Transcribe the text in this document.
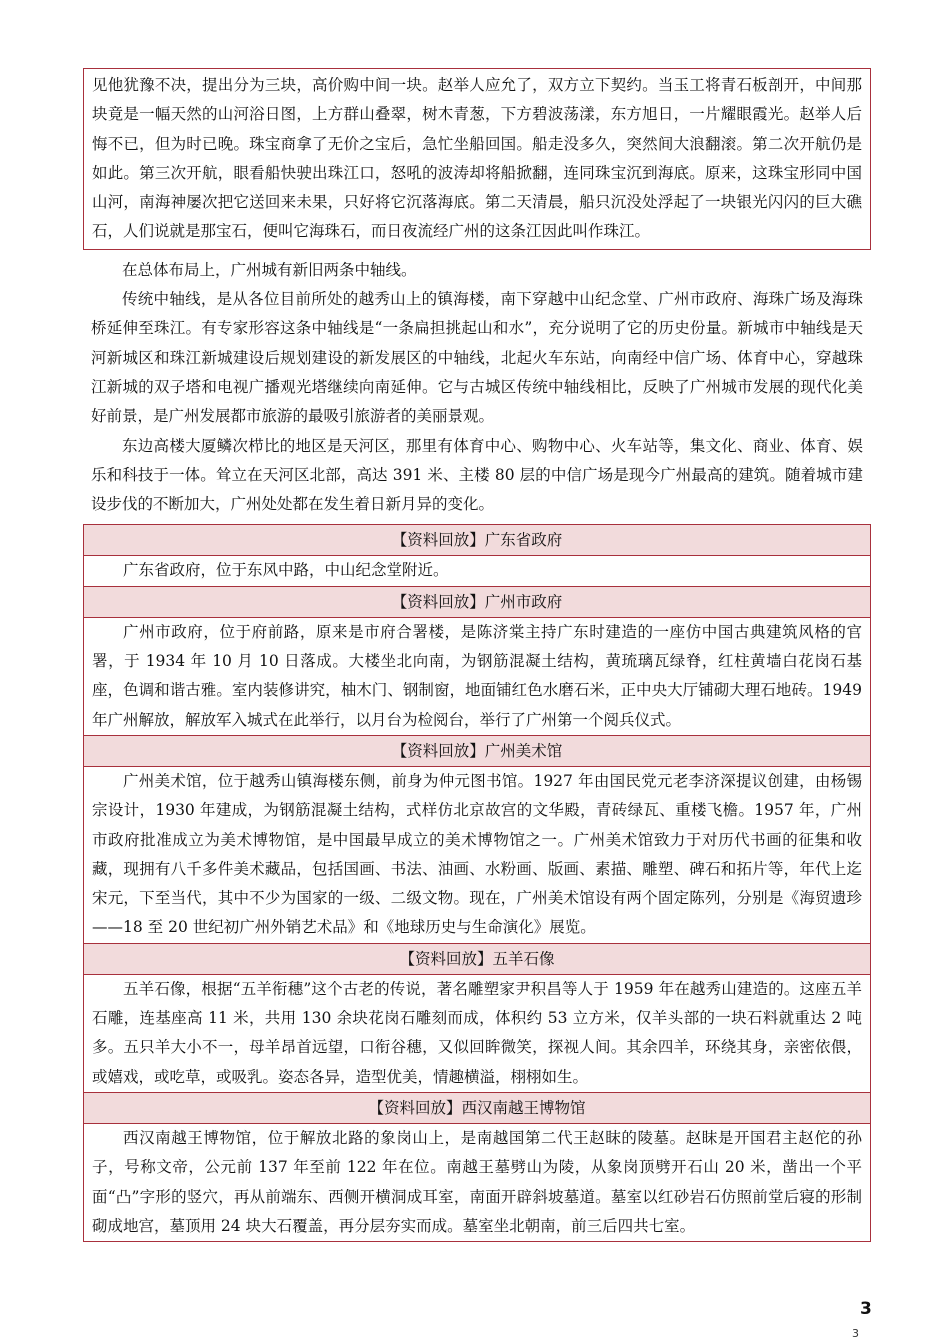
见他犹豫不决，提出分为三块，高价购中间一块。赵举人应允了，双方立下契约。当玉工将青石板剖开，中间那块竟是一幅天然的山河浴日图，上方群山叠翠，树木青葱，下方碧波荡漾，东方旭日，一片耀眼霞光。赵举人后悔不已，但为时已晚。珠宝商拿了无价之宝后，急忙坐船回国。船走没多久，突然间大浪翻滚。第二次开航仍是如此。第三次开航，眼看船快驶出珠江口，怒吼的波涛却将船掀翻，连同珠宝沉到海底。原来，这珠宝形同中国山河，南海神屡次把它送回来未果，只好将它沉落海底。第二天清晨，船只沉没处浮起了一块银光闪闪的巨大礁石，人们说就是那宝石，便叫它海珠石，而日夜流经广州的这条江因此叫作珠江。

在总体布局上，广州城有新旧两条中轴线。

传统中轴线，是从各位目前所处的越秀山上的镇海楼，南下穿越中山纪念堂、广州市政府、海珠广场及海珠桥延伸至珠江。有专家形容这条中轴线是“一条扁担挑起山和水”，充分说明了它的历史份量。新城市中轴线是天河新城区和珠江新城建设后规划建设的新发展区的中轴线，北起火车东站，向南经中信广场、体育中心，穿越珠江新城的双子塔和电视广播观光塔继续向南延伸。它与古城区传统中轴线相比，反映了广州城市发展的现代化美好前景，是广州发展都市旅游的最吸引旅游者的美丽景观。

东边高楼大厦鳞次栉比的地区是天河区，那里有体育中心、购物中心、火车站等，集文化、商业、体育、娱乐和科技于一体。耸立在天河区北部，高达 391 米、主楼 80 层的中信广场是现今广州最高的建筑。随着城市建设步伐的不断加大，广州处处都在发生着日新月异的变化。

【资料回放】广东省政府

广东省政府，位于东风中路，中山纪念堂附近。

【资料回放】广州市政府

广州市政府，位于府前路，原来是市府合署楼，是陈济棠主持广东时建造的一座仿中国古典建筑风格的官署，于 1934 年 10 月 10 日落成。大楼坐北向南，为钢筋混凝土结构，黄琉璃瓦绿脊，红柱黄墙白花岗石基座，色调和谐古雅。室内装修讲究，柚木门、钢制窗，地面铺红色水磨石米，正中央大厅铺砌大理石地砖。1949 年广州解放，解放军入城式在此举行，以月台为检阅台，举行了广州第一个阅兵仪式。

【资料回放】广州美术馆

广州美术馆，位于越秀山镇海楼东侧，前身为仲元图书馆。1927 年由国民党元老李济深提议创建，由杨锡宗设计，1930 年建成，为钢筋混凝土结构，式样仿北京故宫的文华殿，青砖绿瓦、重楼飞檐。1957 年，广州市政府批准成立为美术博物馆，是中国最早成立的美术博物馆之一。广州美术馆致力于对历代书画的征集和收藏，现拥有八千多件美术藏品，包括国画、书法、油画、水粉画、版画、素描、雕塑、碑石和拓片等，年代上迄宋元，下至当代，其中不少为国家的一级、二级文物。现在，广州美术馆设有两个固定陈列，分别是《海贸遗珍——18 至 20 世纪初广州外销艺术品》和《地球历史与生命演化》展览。

【资料回放】五羊石像

五羊石像，根据“五羊衔穗”这个古老的传说，著名雕塑家尹积昌等人于 1959 年在越秀山建造的。这座五羊石雕，连基座高 11 米，共用 130 余块花岗石雕刻而成，体积约 53 立方米，仅羊头部的一块石料就重达 2 吨多。五只羊大小不一，母羊昂首远望，口衔谷穗，又似回眸微笑，探视人间。其余四羊，环绕其身，亲密依偎，或嬉戏，或吃草，或吸乳。姿态各异，造型优美，情趣横溢，栩栩如生。

【资料回放】西汉南越王博物馆

西汉南越王博物馆，位于解放北路的象岗山上，是南越国第二代王赵眜的陵墓。赵眜是开国君主赵佗的孙子，号称文帝，公元前 137 年至前 122 年在位。南越王墓劈山为陵，从象岗顶劈开石山 20 米，凿出一个平面“凸”字形的竖穴，再从前端东、西侧开横洞成耳室，南面开辟斜坡墓道。墓室以红砂岩石仿照前堂后寝的形制砌成地宫，墓顶用 24 块大石覆盖，再分层夯实而成。墓室坐北朝南，前三后四共七室。

3
3
